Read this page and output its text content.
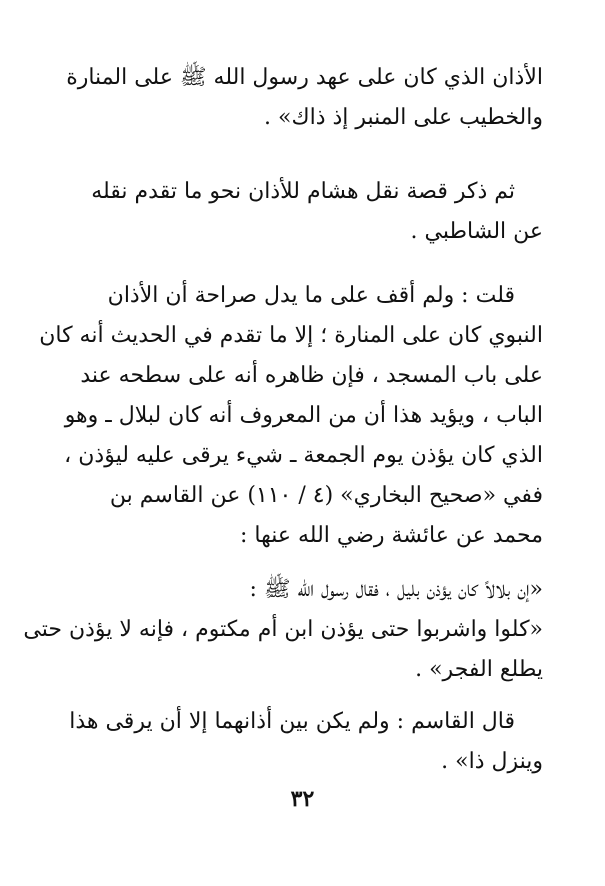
الأذان الذي كان على عهد رسول الله ﷺ على المنارة
والخطيب على المنبر إذ ذاك» .

ثم ذكر قصة نقل هشام للأذان نحو ما تقدم نقله
عن الشاطبي .

قلت : ولم أقف على ما يدل صراحة أن الأذان
النبوي كان على المنارة ؛ إلا ما تقدم في الحديث أنه كان
على باب المسجد ، فإن ظاهره أنه على سطحه عند
الباب ، ويؤيد هذا أن من المعروف أنه كان لبلال ـ وهو
الذي كان يؤذن يوم الجمعة ـ شيء يرقى عليه ليؤذن ،
ففي «صحيح البخاري» (٤ / ١١٠) عن القاسم بن
محمد عن عائشة رضي الله عنها :

«إن بلالاً كان يؤذن بليل ، فقال رسول الله ﷺ :
«كلوا واشربوا حتى يؤذن ابن أم مكتوم ، فإنه لا يؤذن حتى
يطلع الفجر» .

قال القاسم : ولم يكن بين أذانهما إلا أن يرقى هذا
وينزل ذا» .

٣٢
